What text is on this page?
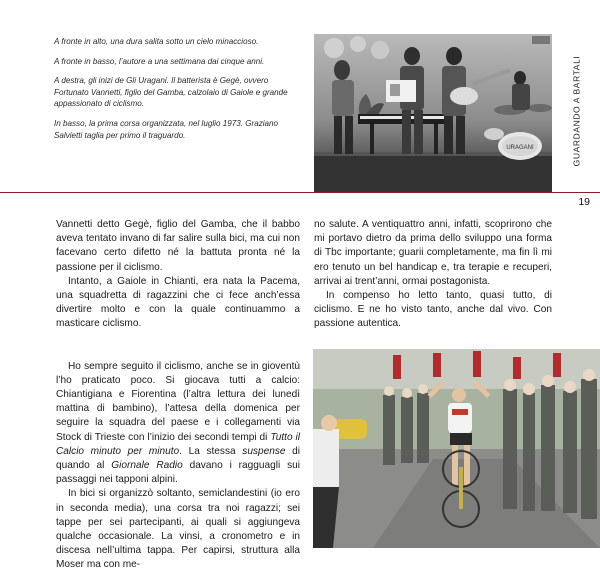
A fronte in alto, una dura salita sotto un cielo minaccioso.

A fronte in basso, l’autore a una settimana dai cinque anni.

A destra, gli inizi de Gli Uragani. Il batterista è Gegè, ovvero Fortunato Vannetti, figlio del Gamba, calzolaio di Gaiole e grande appassionato di ciclismo.

In basso, la prima corsa organizzata, nel luglio 1973. Graziano Salvietti taglia per primo il traguardo.

URAGANI	GUARDANDO A BARTALI
19

Vannetti detto Gegè, figlio del Gamba, che il babbo aveva tentato invano di far salire sulla bici, ma cui non facevano certo difetto né la battuta pronta né la passione per il ciclismo.

Intanto, a Gaiole in Chianti, era nata la Pacema, una squadretta di ragazzini che ci fece anch’essa divertire molto e con la quale continuammo a masticare ciclismo.

Ho sempre seguito il ciclismo, anche se in gioventù l’ho praticato poco. Si giocava tutti a calcio: Chiantigiana e Fiorentina (l’altra lettura dei lunedì mattina di bambino), l’attesa della domenica per seguire la squadra del paese e i collegamenti via Stock di Trieste con l’inizio dei secondi tempi di Tutto il Calcio minuto per minuto. La stessa suspense di quando al Giornale Radio davano i ragguagli sui passaggi nei tapponi alpini.

In bici si organizzò soltanto, semiclandestini (io ero in seconda media), una corsa tra noi ragazzi; sei tappe per sei partecipanti, ai quali si aggiungeva qualche occasionale. La vinsi, a cronometro e in discesa nell’ultima tappa. Per capirsi, struttura alla Moser ma con me-

no salute. A ventiquattro anni, infatti, scoprirono che mi portavo dietro da prima dello sviluppo una forma di Tbc importante; guarii completamente, ma fin lì mi ero tenuto un bel handicap e, tra terapie e recuperi, arrivai ai trent’anni, ormai postagonista.

In compenso ho letto tanto, quasi tutto, di ciclismo. E ne ho visto tanto, anche dal vivo. Con passione autentica.
